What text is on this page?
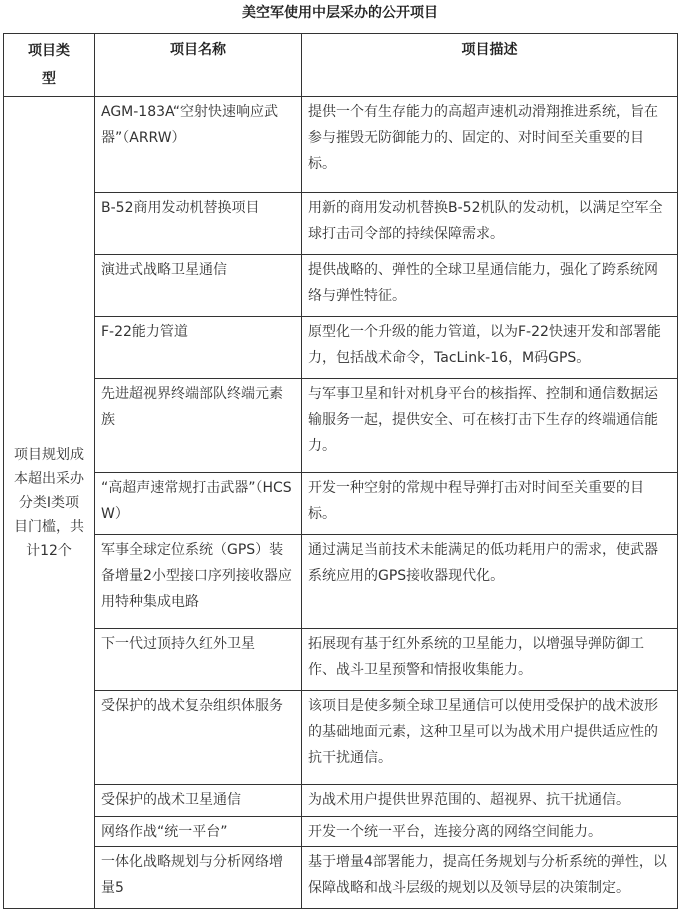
美空军使用中层采办的公开项目
项目类型	项目名称	项目描述
项目规划成本超出采办分类I类项目门槛，共计12个	AGM-183A“空射快速响应武器”（ARRW）	提供一个有生存能力的高超声速机动滑翔推进系统，旨在参与摧毁无防御能力的、固定的、对时间至关重要的目标。
	B-52商用发动机替换项目	用新的商用发动机替换B-52机队的发动机，以满足空军全球打击司令部的持续保障需求。
	演进式战略卫星通信	提供战略的、弹性的全球卫星通信能力，强化了跨系统网络与弹性特征。
	F-22能力管道	原型化一个升级的能力管道，以为F-22快速开发和部署能力，包括战术命令，TacLink-16，M码GPS。
	先进超视界终端部队终端元素族	与军事卫星和针对机身平台的核指挥、控制和通信数据运输服务一起，提供安全、可在核打击下生存的终端通信能力。
	“高超声速常规打击武器”（HCSW）	开发一种空射的常规中程导弹打击对时间至关重要的目标。
	军事全球定位系统（GPS）装备增量2小型接口序列接收器应用特种集成电路	通过满足当前技术未能满足的低功耗用户的需求，使武器系统应用的GPS接收器现代化。
	下一代过顶持久红外卫星	拓展现有基于红外系统的卫星能力，以增强导弹防御工作、战斗卫星预警和情报收集能力。
	受保护的战术复杂组织体服务	该项目是使多频全球卫星通信可以使用受保护的战术波形的基础地面元素，这种卫星可以为战术用户提供适应性的抗干扰通信。
	受保护的战术卫星通信	为战术用户提供世界范围的、超视界、抗干扰通信。
	网络作战“统一平台”	开发一个统一平台，连接分离的网络空间能力。
	一体化战略规划与分析网络增量5	基于增量4部署能力，提高任务规划与分析系统的弹性，以保障战略和战斗层级的规划以及领导层的决策制定。
